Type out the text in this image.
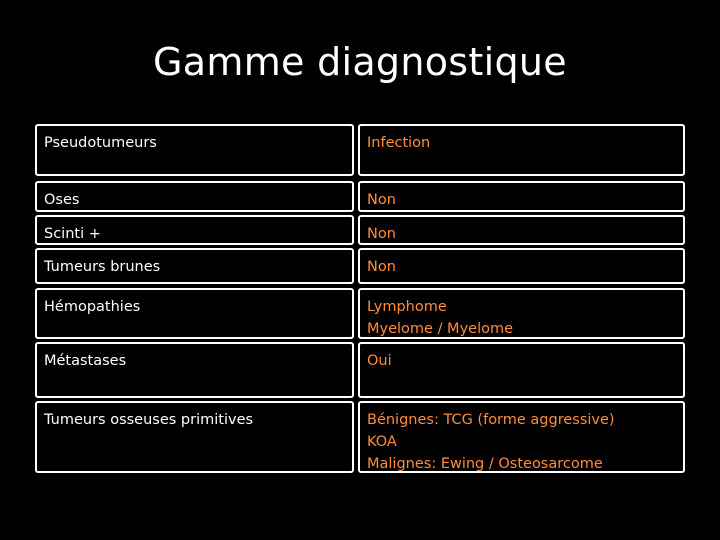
Gamme diagnostique
Pseudotumeurs	Infection
Oses	Non
Scinti +	Non
Tumeurs brunes	Non
Hémopathies	Lymphome
Myelome / Myelome
Métastases	Oui
Tumeurs osseuses primitives	Bénignes: TCG (forme aggressive)
KOA
Malignes: Ewing / Osteosarcome
